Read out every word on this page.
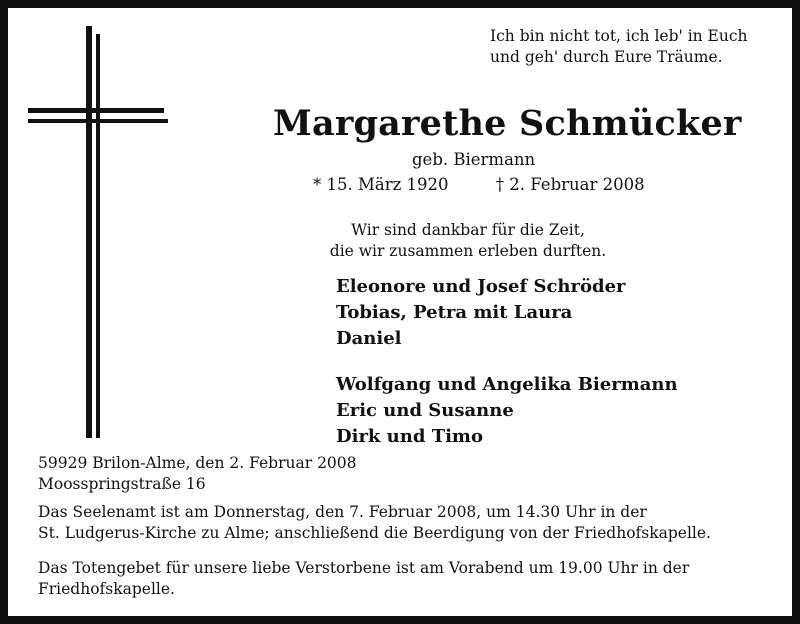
Ich bin nicht tot, ich leb' in Euch
und geh' durch Eure Träume.
Margarethe Schmücker
geb. Biermann
* 15. März 1920	† 2. Februar 2008
Wir sind dankbar für die Zeit,
die wir zusammen erleben durften.
Eleonore und Josef Schröder
Tobias, Petra mit Laura
Daniel
Wolfgang und Angelika Biermann
Eric und Susanne
Dirk und Timo
59929 Brilon-Alme, den 2. Februar 2008
Moosspringstraße 16
Das Seelenamt ist am Donnerstag, den 7. Februar 2008, um 14.30 Uhr in der
St. Ludgerus-Kirche zu Alme; anschließend die Beerdigung von der Friedhofskapelle.
Das Totengebet für unsere liebe Verstorbene ist am Vorabend um 19.00 Uhr in der
Friedhofskapelle.
